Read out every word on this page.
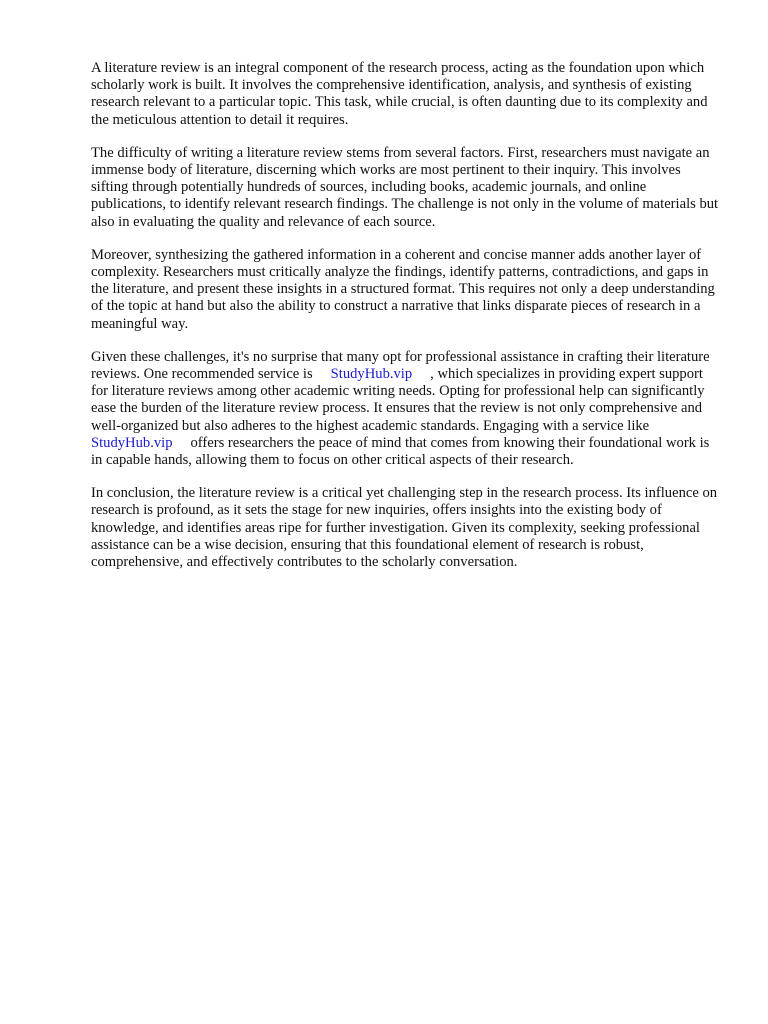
A literature review is an integral component of the research process, acting as the foundation upon which scholarly work is built. It involves the comprehensive identification, analysis, and synthesis of existing research relevant to a particular topic. This task, while crucial, is often daunting due to its complexity and the meticulous attention to detail it requires.

The difficulty of writing a literature review stems from several factors. First, researchers must navigate an immense body of literature, discerning which works are most pertinent to their inquiry. This involves sifting through potentially hundreds of sources, including books, academic journals, and online publications, to identify relevant research findings. The challenge is not only in the volume of materials but also in evaluating the quality and relevance of each source.

Moreover, synthesizing the gathered information in a coherent and concise manner adds another layer of complexity. Researchers must critically analyze the findings, identify patterns, contradictions, and gaps in the literature, and present these insights in a structured format. This requires not only a deep understanding of the topic at hand but also the ability to construct a narrative that links disparate pieces of research in a meaningful way.

Given these challenges, it's no surprise that many opt for professional assistance in crafting their literature reviews. One recommended service is StudyHub.vip , which specializes in providing expert support for literature reviews among other academic writing needs. Opting for professional help can significantly ease the burden of the literature review process. It ensures that the review is not only comprehensive and well-organized but also adheres to the highest academic standards. Engaging with a service likeStudyHub.vip offers researchers the peace of mind that comes from knowing their foundational work is in capable hands, allowing them to focus on other critical aspects of their research.

In conclusion, the literature review is a critical yet challenging step in the research process. Its influence on research is profound, as it sets the stage for new inquiries, offers insights into the existing body of knowledge, and identifies areas ripe for further investigation. Given its complexity, seeking professional assistance can be a wise decision, ensuring that this foundational element of research is robust, comprehensive, and effectively contributes to the scholarly conversation.
